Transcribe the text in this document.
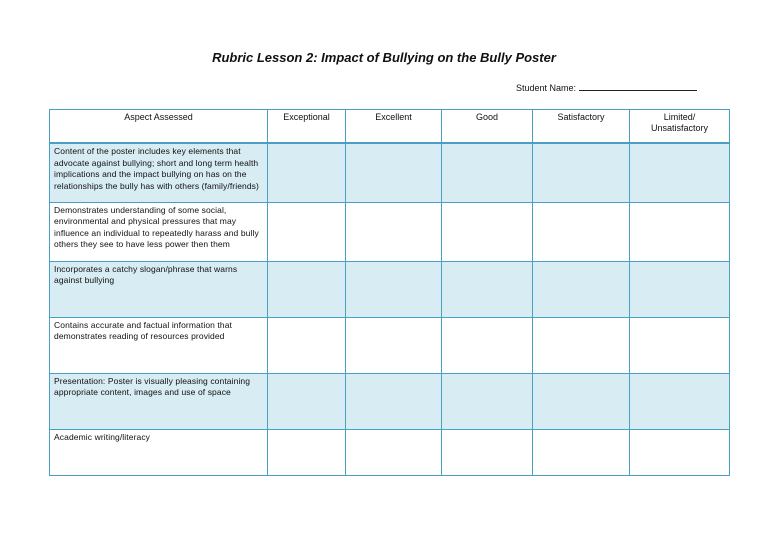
Rubric Lesson 2: Impact of Bullying on the Bully Poster
Student Name:
Aspect Assessed	Exceptional	Excellent	Good	Satisfactory	Limited/
Unsatisfactory

Content of the poster includes key elements that advocate against bullying; short and long term health implications and the impact bullying on has on the relationships the bully has with others (family/friends)					

Demonstrates understanding of some social, environmental and physical pressures that may influence an individual to repeatedly harass and bully others they see to have less power then them					

Incorporates a catchy slogan/phrase that warns against bullying					

Contains accurate and factual information that demonstrates reading of resources provided					

Presentation: Poster is visually pleasing containing appropriate content, images and use of space					

Academic writing/literacy					
